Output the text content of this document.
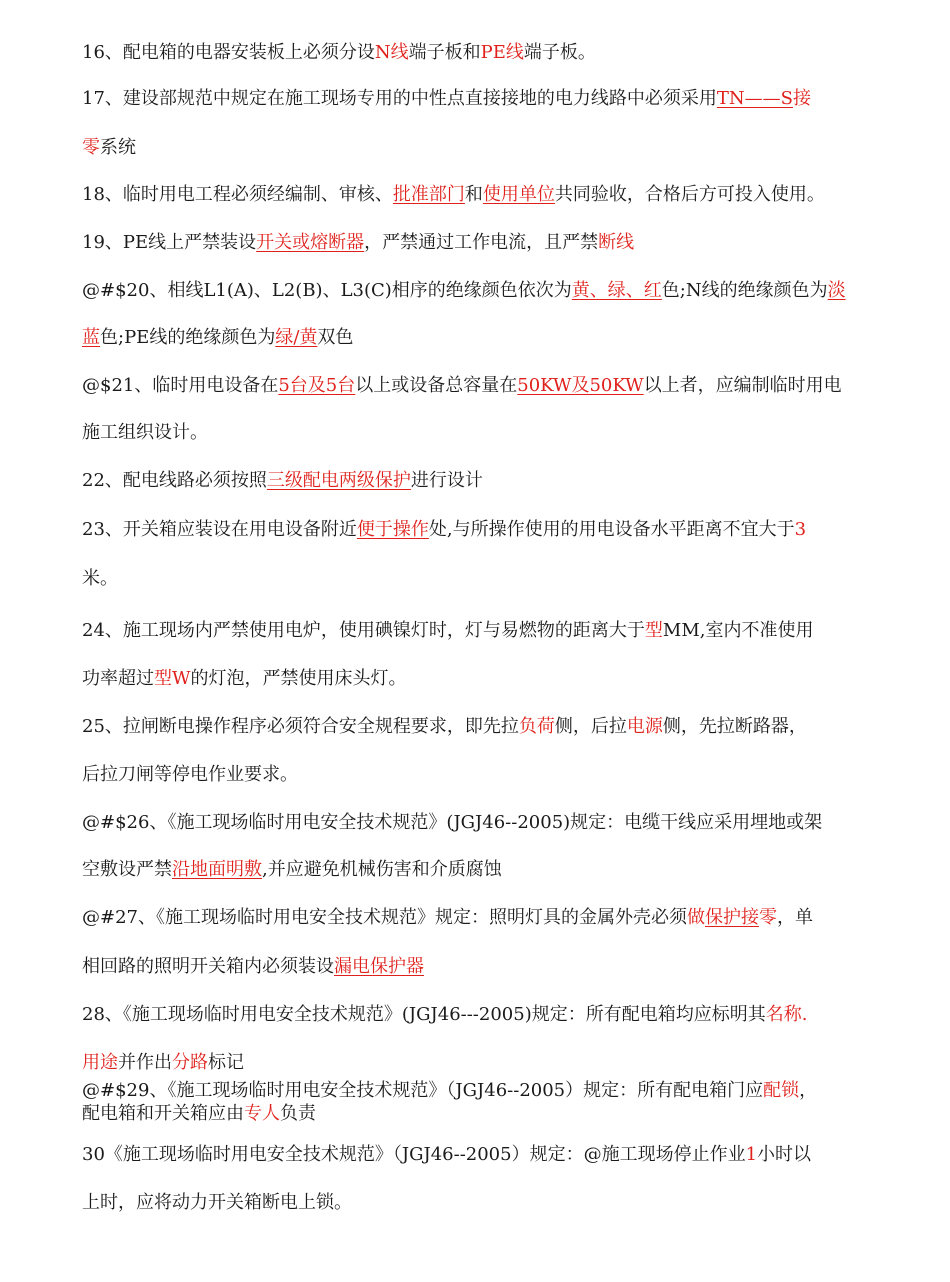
16、配电箱的电器安装板上必须分设N线端子板和PE线端子板。
17、建设部规范中规定在施工现场专用的中性点直接接地的电力线路中必须采用TN——S接
零系统
18、临时用电工程必须经编制、审核、批准部门和使用单位共同验收，合格后方可投入使用。
19、PE线上严禁装设开关或熔断器，严禁通过工作电流，且严禁断线
@#$20、相线L1(A)、L2(B)、L3(C)相序的绝缘颜色依次为黄、绿、红色;N线的绝缘颜色为淡
蓝色;PE线的绝缘颜色为绿/黄双色
@$21、临时用电设备在5台及5台以上或设备总容量在50KW及50KW以上者，应编制临时用电
施工组织设计。
22、配电线路必须按照三级配电两级保护进行设计
23、开关箱应装设在用电设备附近便于操作处,与所操作使用的用电设备水平距离不宜大于3
米。
24、施工现场内严禁使用电炉，使用碘镍灯时，灯与易燃物的距离大于型MM,室内不准使用
功率超过型W的灯泡，严禁使用床头灯。
25、拉闸断电操作程序必须符合安全规程要求，即先拉负荷侧，后拉电源侧，先拉断路器，
后拉刀闸等停电作业要求。
@#$26、《施工现场临时用电安全技术规范》(JGJ46--2005)规定：电缆干线应采用埋地或架
空敷设严禁沿地面明敷,并应避免机械伤害和介质腐蚀
@#27、《施工现场临时用电安全技术规范》规定：照明灯具的金属外壳必须做保护接零，单
相回路的照明开关箱内必须装设漏电保护器
28、《施工现场临时用电安全技术规范》(JGJ46---2005)规定：所有配电箱均应标明其名称.
用途并作出分路标记
@#$29、《施工现场临时用电安全技术规范》（JGJ46--2005）规定：所有配电箱门应配锁，
配电箱和开关箱应由专人负责
30《施工现场临时用电安全技术规范》（JGJ46--2005）规定：@施工现场停止作业1小时以
上时，应将动力开关箱断电上锁。
